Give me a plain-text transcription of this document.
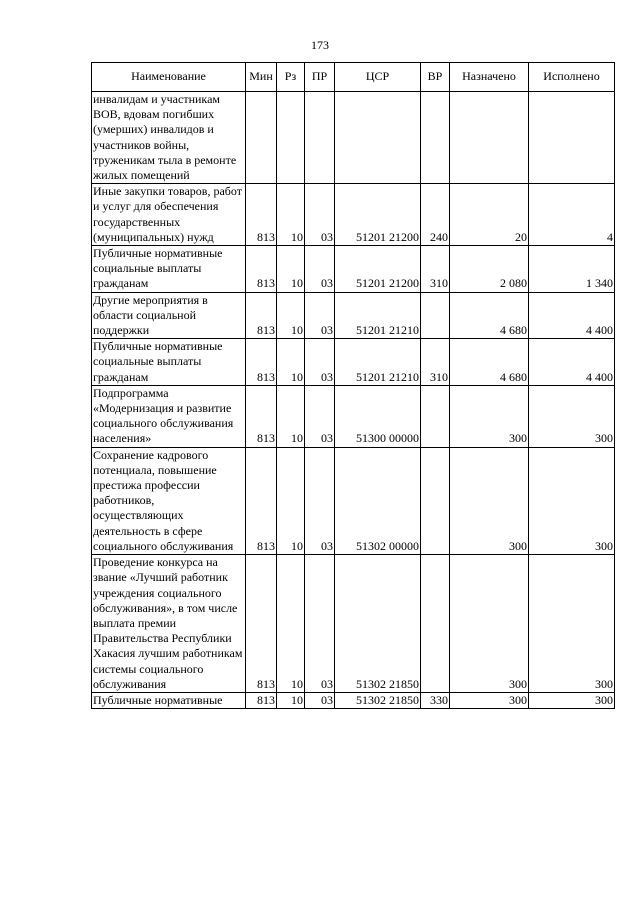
173
Наименование	Мин	Рз	ПР	ЦСР	ВР	Назначено	Исполнено
инвалидам и участникам ВОВ, вдовам погибших (умерших) инвалидов и участников войны, труженикам тыла в ремонте жилых помещений							
Иные закупки товаров, работ и услуг для обеспечения государственных (муниципальных) нужд	813	10	03	51201 21200	240	20	4
Публичные нормативные социальные выплаты гражданам	813	10	03	51201 21200	310	2 080	1 340
Другие мероприятия в области социальной поддержки	813	10	03	51201 21210		4 680	4 400
Публичные нормативные социальные выплаты гражданам	813	10	03	51201 21210	310	4 680	4 400
Подпрограмма «Модернизация и развитие социального обслуживания населения»	813	10	03	51300 00000		300	300
Сохранение кадрового потенциала, повышение престижа профессии работников, осуществляющих деятельность в сфере социального обслуживания	813	10	03	51302 00000		300	300
Проведение конкурса на звание «Лучший работник учреждения социального обслуживания», в том числе выплата премии Правительства Республики Хакасия лучшим работникам системы социального обслуживания	813	10	03	51302 21850		300	300
Публичные нормативные	813	10	03	51302 21850	330	300	300
